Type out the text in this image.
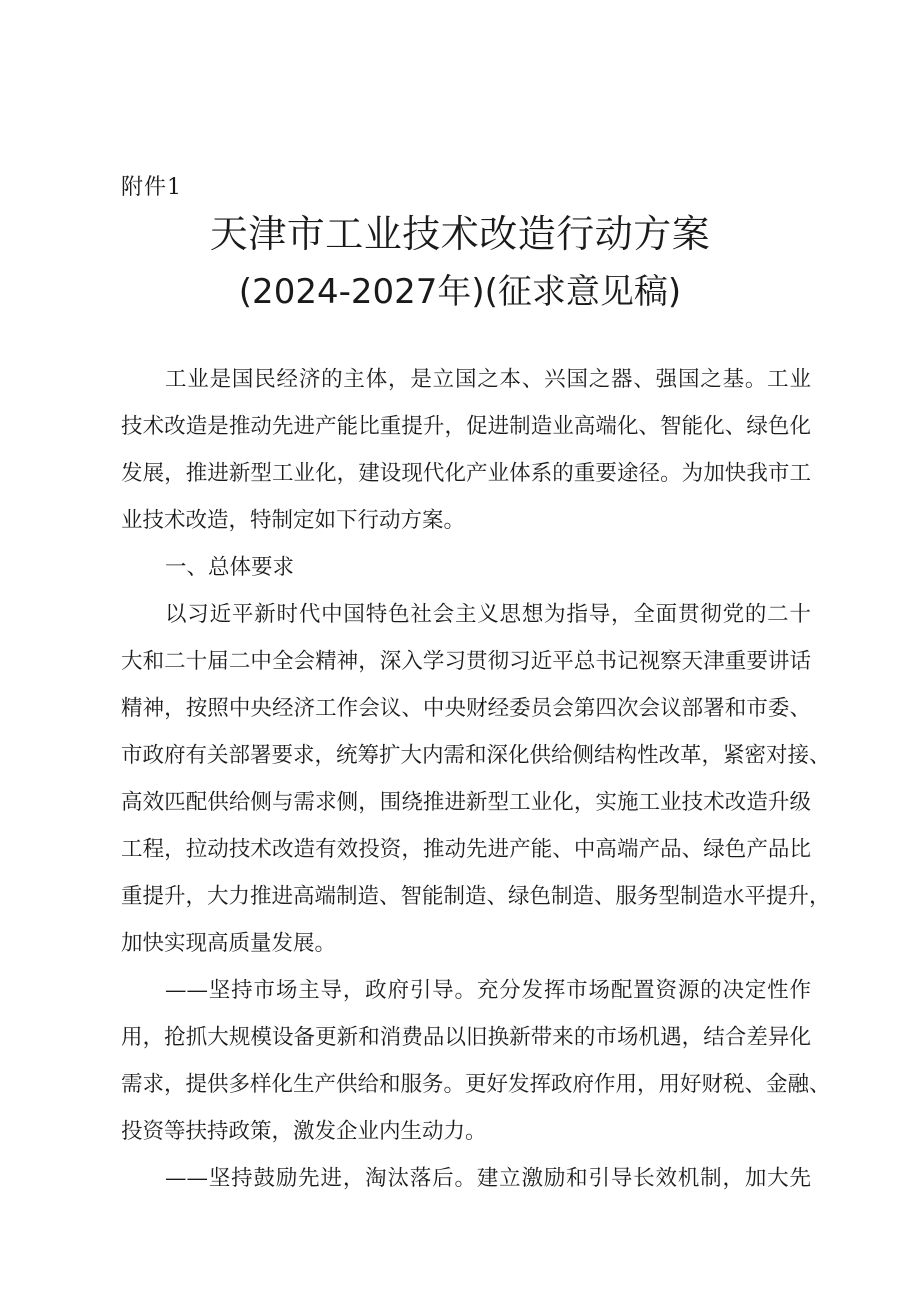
附件1
天津市工业技术改造行动方案
(2024-2027年)(征求意见稿)
工业是国民经济的主体，是立国之本、兴国之器、强国之基。工业
技术改造是推动先进产能比重提升，促进制造业高端化、智能化、绿色化
发展，推进新型工业化，建设现代化产业体系的重要途径。为加快我市工
业技术改造，特制定如下行动方案。
一、总体要求
以习近平新时代中国特色社会主义思想为指导，全面贯彻党的二十
大和二十届二中全会精神，深入学习贯彻习近平总书记视察天津重要讲话
精神，按照中央经济工作会议、中央财经委员会第四次会议部署和市委、
市政府有关部署要求，统筹扩大内需和深化供给侧结构性改革，紧密对接、
高效匹配供给侧与需求侧，围绕推进新型工业化，实施工业技术改造升级
工程，拉动技术改造有效投资，推动先进产能、中高端产品、绿色产品比
重提升，大力推进高端制造、智能制造、绿色制造、服务型制造水平提升，
加快实现高质量发展。
——坚持市场主导，政府引导。充分发挥市场配置资源的决定性作
用，抢抓大规模设备更新和消费品以旧换新带来的市场机遇，结合差异化
需求，提供多样化生产供给和服务。更好发挥政府作用，用好财税、金融、
投资等扶持政策，激发企业内生动力。
——坚持鼓励先进，淘汰落后。建立激励和引导长效机制，加大先
